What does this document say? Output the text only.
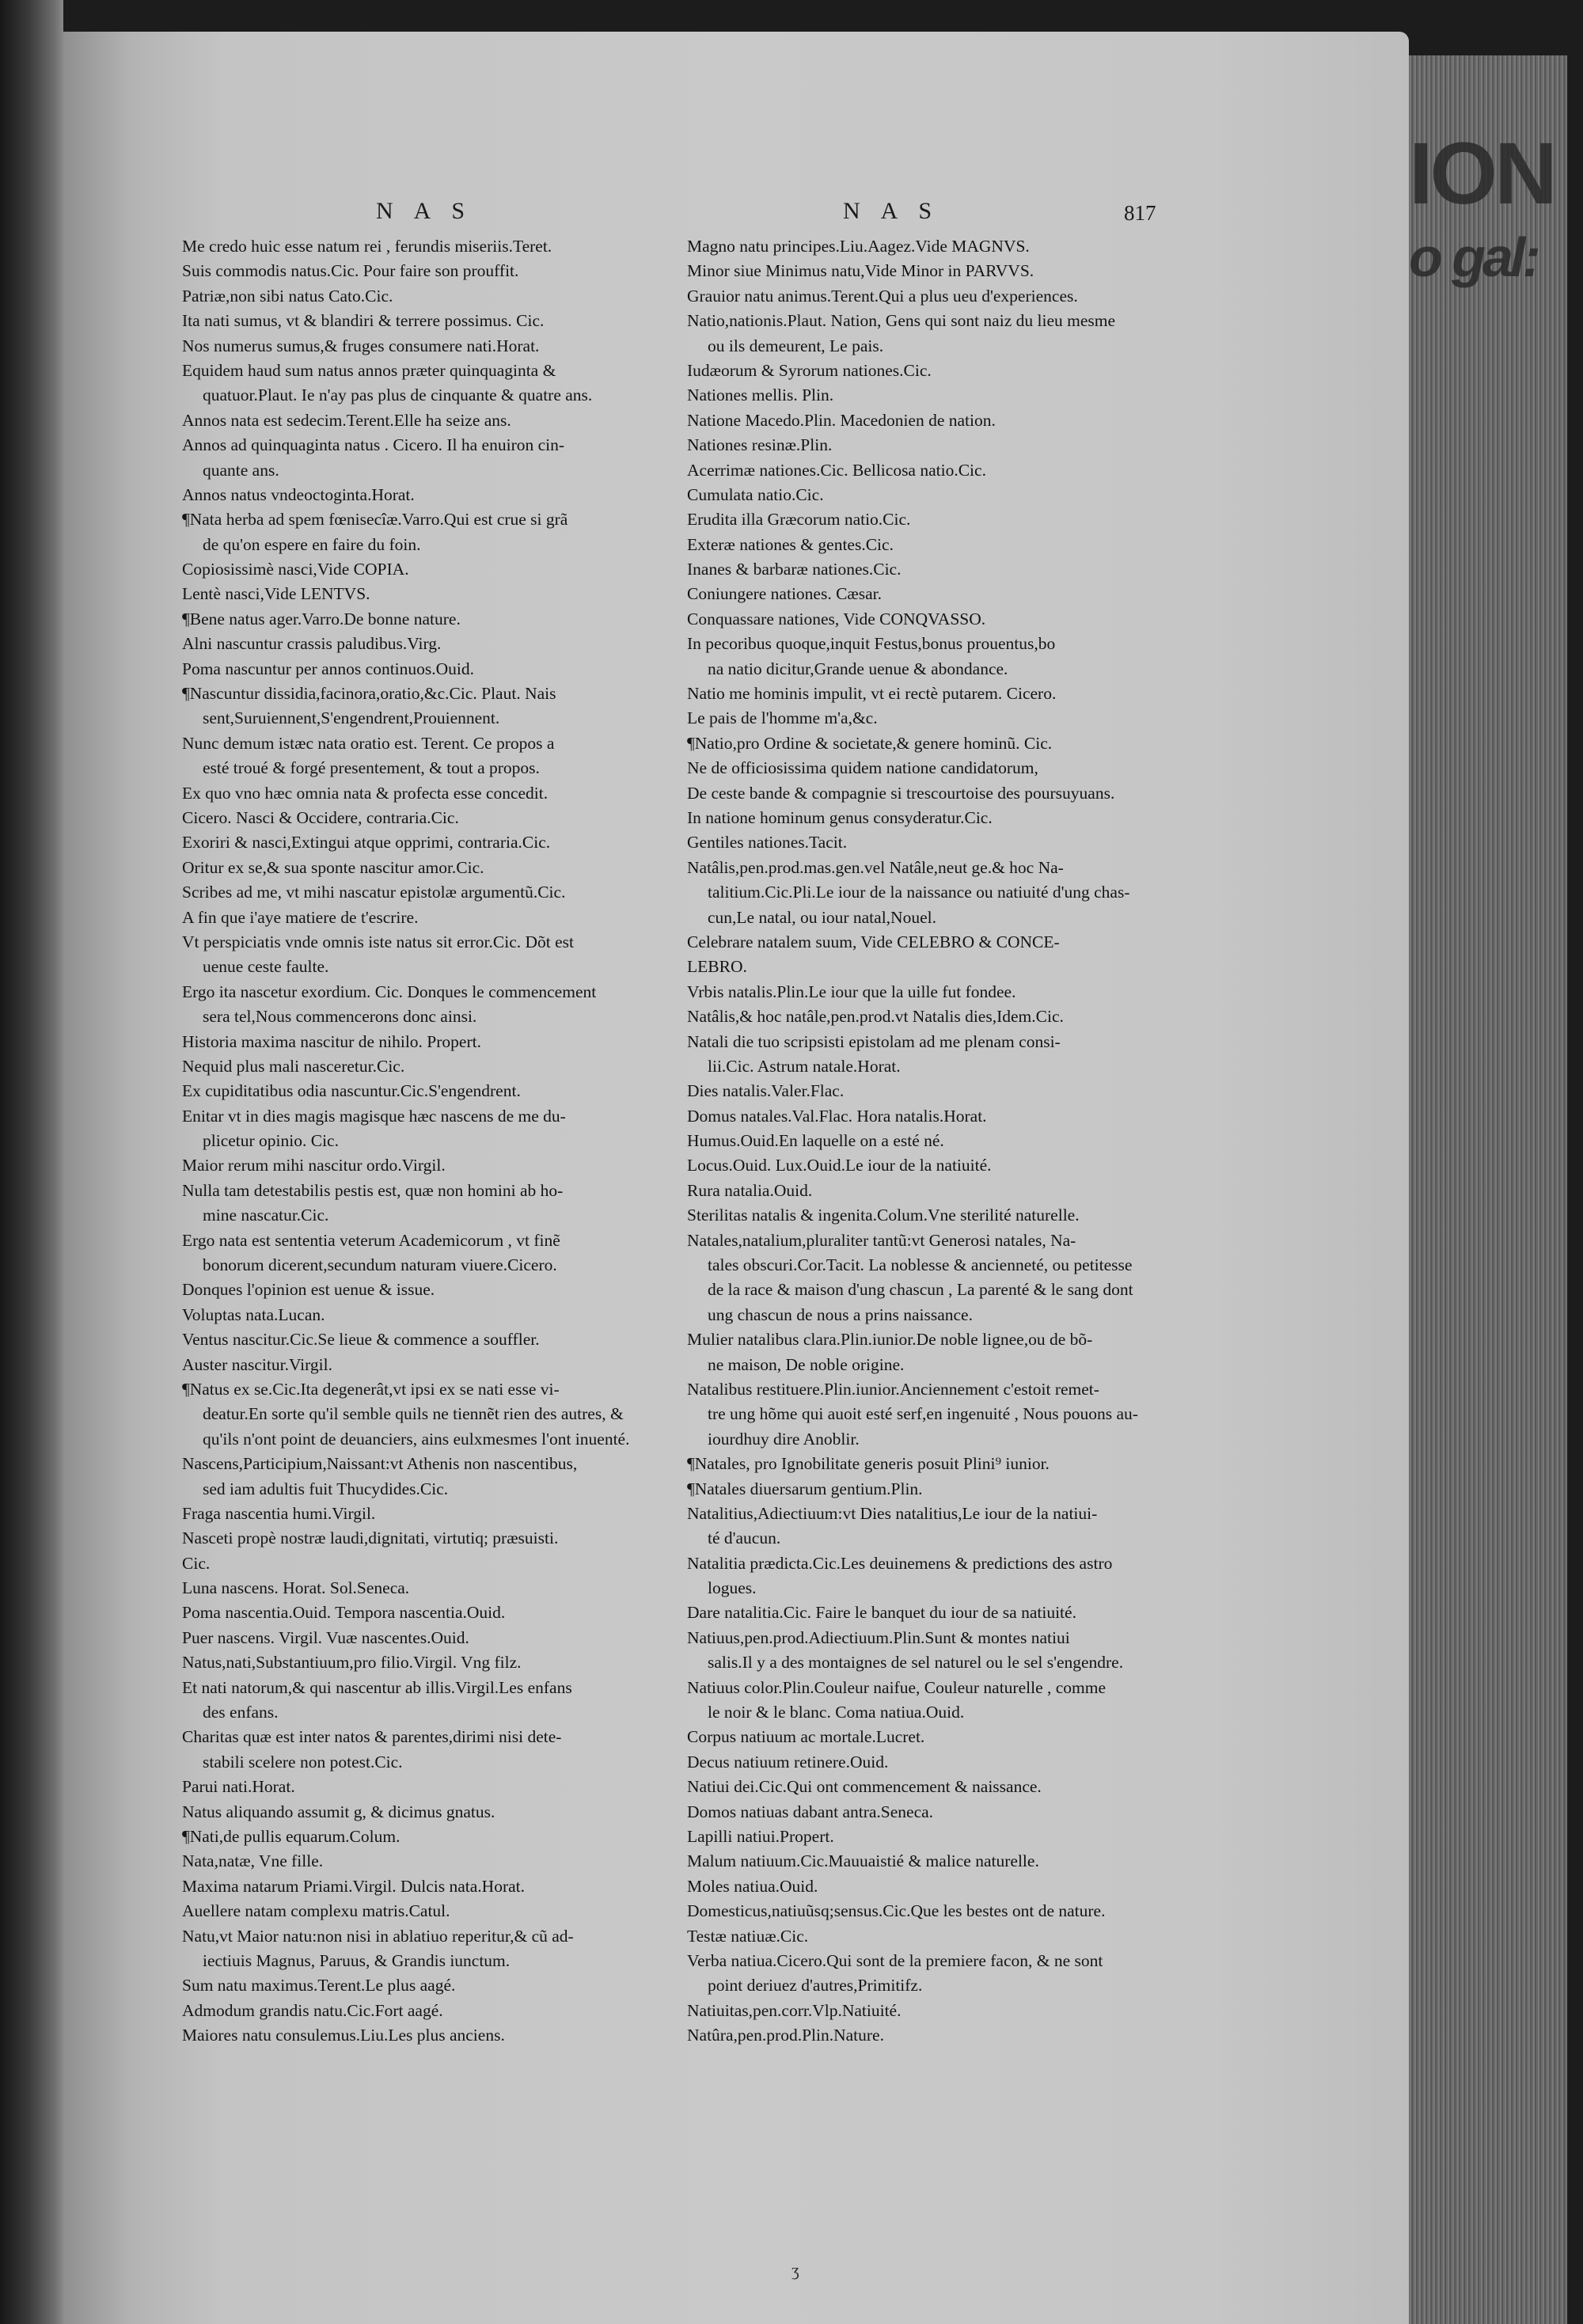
ION
o gal:
NAS	NAS	817
Me credo huic esse natum rei , ferundis miseriis.Teret.
Suis commodis natus.Cic. Pour faire son prouffit.
Patriæ,non sibi natus Cato.Cic.
Ita nati sumus, vt & blandiri & terrere possimus. Cic.
Nos numerus sumus,& fruges consumere nati.Horat.
Equidem haud sum natus annos præter quinquaginta &
quatuor.Plaut. Ie n'ay pas plus de cinquante & quatre ans.
Annos nata est sedecim.Terent.Elle ha seize ans.
Annos ad quinquaginta natus . Cicero. Il ha enuiron cin-
quante ans.
Annos natus vndeoctoginta.Horat.
¶Nata herba ad spem fœnisecîæ.Varro.Qui est crue si grã
de qu'on espere en faire du foin.
Copiosissimè nasci,Vide COPIA.
Lentè nasci,Vide LENTVS.
¶Bene natus ager.Varro.De bonne nature.
Alni nascuntur crassis paludibus.Virg.
Poma nascuntur per annos continuos.Ouid.
¶Nascuntur dissidia,facinora,oratio,&c.Cic. Plaut. Nais
sent,Suruiennent,S'engendrent,Prouiennent.
Nunc demum istæc nata oratio est. Terent. Ce propos a
esté troué & forgé presentement, & tout a propos.
Ex quo vno hæc omnia nata & profecta esse concedit.
Cicero. Nasci & Occidere, contraria.Cic.
Exoriri & nasci,Extingui atque opprimi, contraria.Cic.
Oritur ex se,& sua sponte nascitur amor.Cic.
Scribes ad me, vt mihi nascatur epistolæ argumentũ.Cic.
A fin que i'aye matiere de t'escrire.
Vt perspiciatis vnde omnis iste natus sit error.Cic. Dõt est
uenue ceste faulte.
Ergo ita nascetur exordium. Cic. Donques le commencement
sera tel,Nous commencerons donc ainsi.
Historia maxima nascitur de nihilo. Propert.
Nequid plus mali nasceretur.Cic.
Ex cupiditatibus odia nascuntur.Cic.S'engendrent.
Enitar vt in dies magis magisque hæc nascens de me du-
plicetur opinio. Cic.
Maior rerum mihi nascitur ordo.Virgil.
Nulla tam detestabilis pestis est, quæ non homini ab ho-
mine nascatur.Cic.
Ergo nata est sententia veterum Academicorum , vt finẽ
bonorum dicerent,secundum naturam viuere.Cicero.
Donques l'opinion est uenue & issue.
Voluptas nata.Lucan.
Ventus nascitur.Cic.Se lieue & commence a souffler.
Auster nascitur.Virgil.
¶Natus ex se.Cic.Ita degenerât,vt ipsi ex se nati esse vi-
deatur.En sorte qu'il semble quils ne tiennẽt rien des autres, &
qu'ils n'ont point de deuanciers, ains eulxmesmes l'ont inuenté.
Nascens,Participium,Naissant:vt Athenis non nascentibus,
sed iam adultis fuit Thucydides.Cic.
Fraga nascentia humi.Virgil.
Nasceti propè nostræ laudi,dignitati, virtutiq; præsuisti.
Cic.
Luna nascens. Horat. Sol.Seneca.
Poma nascentia.Ouid. Tempora nascentia.Ouid.
Puer nascens. Virgil. Vuæ nascentes.Ouid.
Natus,nati,Substantiuum,pro filio.Virgil. Vng filz.
Et nati natorum,& qui nascentur ab illis.Virgil.Les enfans
des enfans.
Charitas quæ est inter natos & parentes,dirimi nisi dete-
stabili scelere non potest.Cic.
Parui nati.Horat.
Natus aliquando assumit g, & dicimus gnatus.
¶Nati,de pullis equarum.Colum.
Nata,natæ, Vne fille.
Maxima natarum Priami.Virgil. Dulcis nata.Horat.
Auellere natam complexu matris.Catul.
Natu,vt Maior natu:non nisi in ablatiuo reperitur,& cũ ad-
iectiuis Magnus, Paruus, & Grandis iunctum.
Sum natu maximus.Terent.Le plus aagé.
Admodum grandis natu.Cic.Fort aagé.
Maiores natu consulemus.Liu.Les plus anciens.
Magno natu principes.Liu.Aagez.Vide MAGNVS.
Minor siue Minimus natu,Vide Minor in PARVVS.
Grauior natu animus.Terent.Qui a plus ueu d'experiences.
Natio,nationis.Plaut. Nation, Gens qui sont naiz du lieu mesme
ou ils demeurent, Le pais.
Iudæorum & Syrorum nationes.Cic.
Nationes mellis. Plin.
Natione Macedo.Plin. Macedonien de nation.
Nationes resinæ.Plin.
Acerrimæ nationes.Cic. Bellicosa natio.Cic.
Cumulata natio.Cic.
Erudita illa Græcorum natio.Cic.
Exteræ nationes & gentes.Cic.
Inanes & barbaræ nationes.Cic.
Coniungere nationes. Cæsar.
Conquassare nationes, Vide CONQVASSO.
In pecoribus quoque,inquit Festus,bonus prouentus,bo
na natio dicitur,Grande uenue & abondance.
Natio me hominis impulit, vt ei rectè putarem. Cicero.
Le pais de l'homme m'a,&c.
¶Natio,pro Ordine & societate,& genere hominũ. Cic.
Ne de officiosissima quidem natione candidatorum,
De ceste bande & compagnie si trescourtoise des poursuyuans.
In natione hominum genus consyderatur.Cic.
Gentiles nationes.Tacit.
Natâlis,pen.prod.mas.gen.vel Natâle,neut ge.& hoc Na-
talitium.Cic.Pli.Le iour de la naissance ou natiuité d'ung chas-
cun,Le natal, ou iour natal,Nouel.
Celebrare natalem suum, Vide CELEBRO & CONCE-
LEBRO.
Vrbis natalis.Plin.Le iour que la uille fut fondee.
Natâlis,& hoc natâle,pen.prod.vt Natalis dies,Idem.Cic.
Natali die tuo scripsisti epistolam ad me plenam consi-
lii.Cic. Astrum natale.Horat.
Dies natalis.Valer.Flac.
Domus natales.Val.Flac. Hora natalis.Horat.
Humus.Ouid.En laquelle on a esté né.
Locus.Ouid. Lux.Ouid.Le iour de la natiuité.
Rura natalia.Ouid.
Sterilitas natalis & ingenita.Colum.Vne sterilité naturelle.
Natales,natalium,pluraliter tantũ:vt Generosi natales, Na-
tales obscuri.Cor.Tacit. La noblesse & ancienneté, ou petitesse
de la race & maison d'ung chascun , La parenté & le sang dont
ung chascun de nous a prins naissance.
Mulier natalibus clara.Plin.iunior.De noble lignee,ou de bõ-
ne maison, De noble origine.
Natalibus restituere.Plin.iunior.Anciennement c'estoit remet-
tre ung hõme qui auoit esté serf,en ingenuité , Nous pouons au-
iourdhuy dire Anoblir.
¶Natales, pro Ignobilitate generis posuit Plini⁹ iunior.
¶Natales diuersarum gentium.Plin.
Natalitius,Adiectiuum:vt Dies natalitius,Le iour de la natiui-
té d'aucun.
Natalitia prædicta.Cic.Les deuinemens & predictions des astro
logues.
Dare natalitia.Cic. Faire le banquet du iour de sa natiuité.
Natiuus,pen.prod.Adiectiuum.Plin.Sunt & montes natiui
salis.Il y a des montaignes de sel naturel ou le sel s'engendre.
Natiuus color.Plin.Couleur naifue, Couleur naturelle , comme
le noir & le blanc. Coma natiua.Ouid.
Corpus natiuum ac mortale.Lucret.
Decus natiuum retinere.Ouid.
Natiui dei.Cic.Qui ont commencement & naissance.
Domos natiuas dabant antra.Seneca.
Lapilli natiui.Propert.
Malum natiuum.Cic.Mauuaistié & malice naturelle.
Moles natiua.Ouid.
Domesticus,natiuũsq;sensus.Cic.Que les bestes ont de nature.
Testæ natiuæ.Cic.
Verba natiua.Cicero.Qui sont de la premiere facon, & ne sont
point deriuez d'autres,Primitifz.
Natiuitas,pen.corr.Vlp.Natiuité.
Natûra,pen.prod.Plin.Nature.
ʒ
